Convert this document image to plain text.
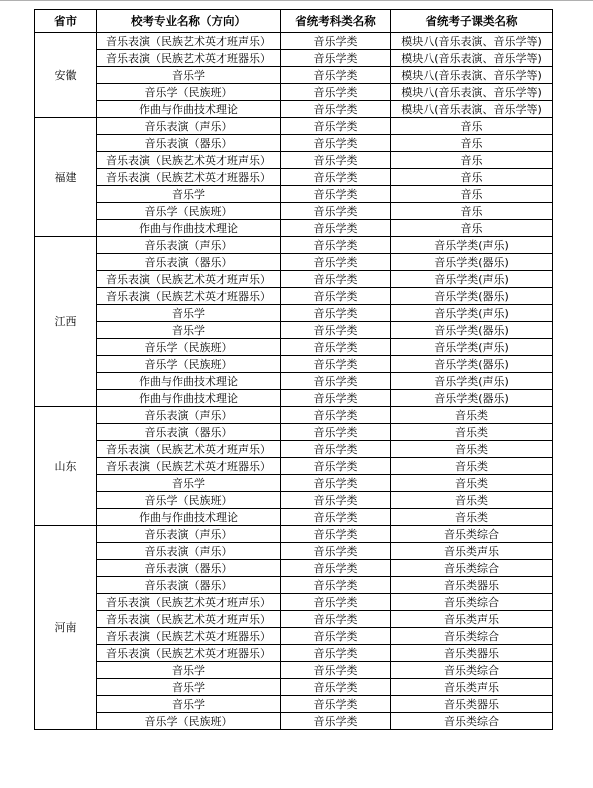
省市	校考专业名称（方向）	省统考科类名称	省统考子课类名称
安徽	音乐表演（民族艺术英才班声乐）	音乐学类	模块八(音乐表演、音乐学等)
	音乐表演（民族艺术英才班器乐）	音乐学类	模块八(音乐表演、音乐学等)
	音乐学	音乐学类	模块八(音乐表演、音乐学等)
	音乐学（民族班）	音乐学类	模块八(音乐表演、音乐学等)
	作曲与作曲技术理论	音乐学类	模块八(音乐表演、音乐学等)
福建	音乐表演（声乐）	音乐学类	音乐
	音乐表演（器乐）	音乐学类	音乐
	音乐表演（民族艺术英才班声乐）	音乐学类	音乐
	音乐表演（民族艺术英才班器乐）	音乐学类	音乐
	音乐学	音乐学类	音乐
	音乐学（民族班）	音乐学类	音乐
	作曲与作曲技术理论	音乐学类	音乐
江西	音乐表演（声乐）	音乐学类	音乐学类(声乐)
	音乐表演（器乐）	音乐学类	音乐学类(器乐)
	音乐表演（民族艺术英才班声乐）	音乐学类	音乐学类(声乐)
	音乐表演（民族艺术英才班器乐）	音乐学类	音乐学类(器乐)
	音乐学	音乐学类	音乐学类(声乐)
	音乐学	音乐学类	音乐学类(器乐)
	音乐学（民族班）	音乐学类	音乐学类(声乐)
	音乐学（民族班）	音乐学类	音乐学类(器乐)
	作曲与作曲技术理论	音乐学类	音乐学类(声乐)
	作曲与作曲技术理论	音乐学类	音乐学类(器乐)
山东	音乐表演（声乐）	音乐学类	音乐类
	音乐表演（器乐）	音乐学类	音乐类
	音乐表演（民族艺术英才班声乐）	音乐学类	音乐类
	音乐表演（民族艺术英才班器乐）	音乐学类	音乐类
	音乐学	音乐学类	音乐类
	音乐学（民族班）	音乐学类	音乐类
	作曲与作曲技术理论	音乐学类	音乐类
河南	音乐表演（声乐）	音乐学类	音乐类综合
	音乐表演（声乐）	音乐学类	音乐类声乐
	音乐表演（器乐）	音乐学类	音乐类综合
	音乐表演（器乐）	音乐学类	音乐类器乐
	音乐表演（民族艺术英才班声乐）	音乐学类	音乐类综合
	音乐表演（民族艺术英才班声乐）	音乐学类	音乐类声乐
	音乐表演（民族艺术英才班器乐）	音乐学类	音乐类综合
	音乐表演（民族艺术英才班器乐）	音乐学类	音乐类器乐
	音乐学	音乐学类	音乐类综合
	音乐学	音乐学类	音乐类声乐
	音乐学	音乐学类	音乐类器乐
	音乐学（民族班）	音乐学类	音乐类综合
